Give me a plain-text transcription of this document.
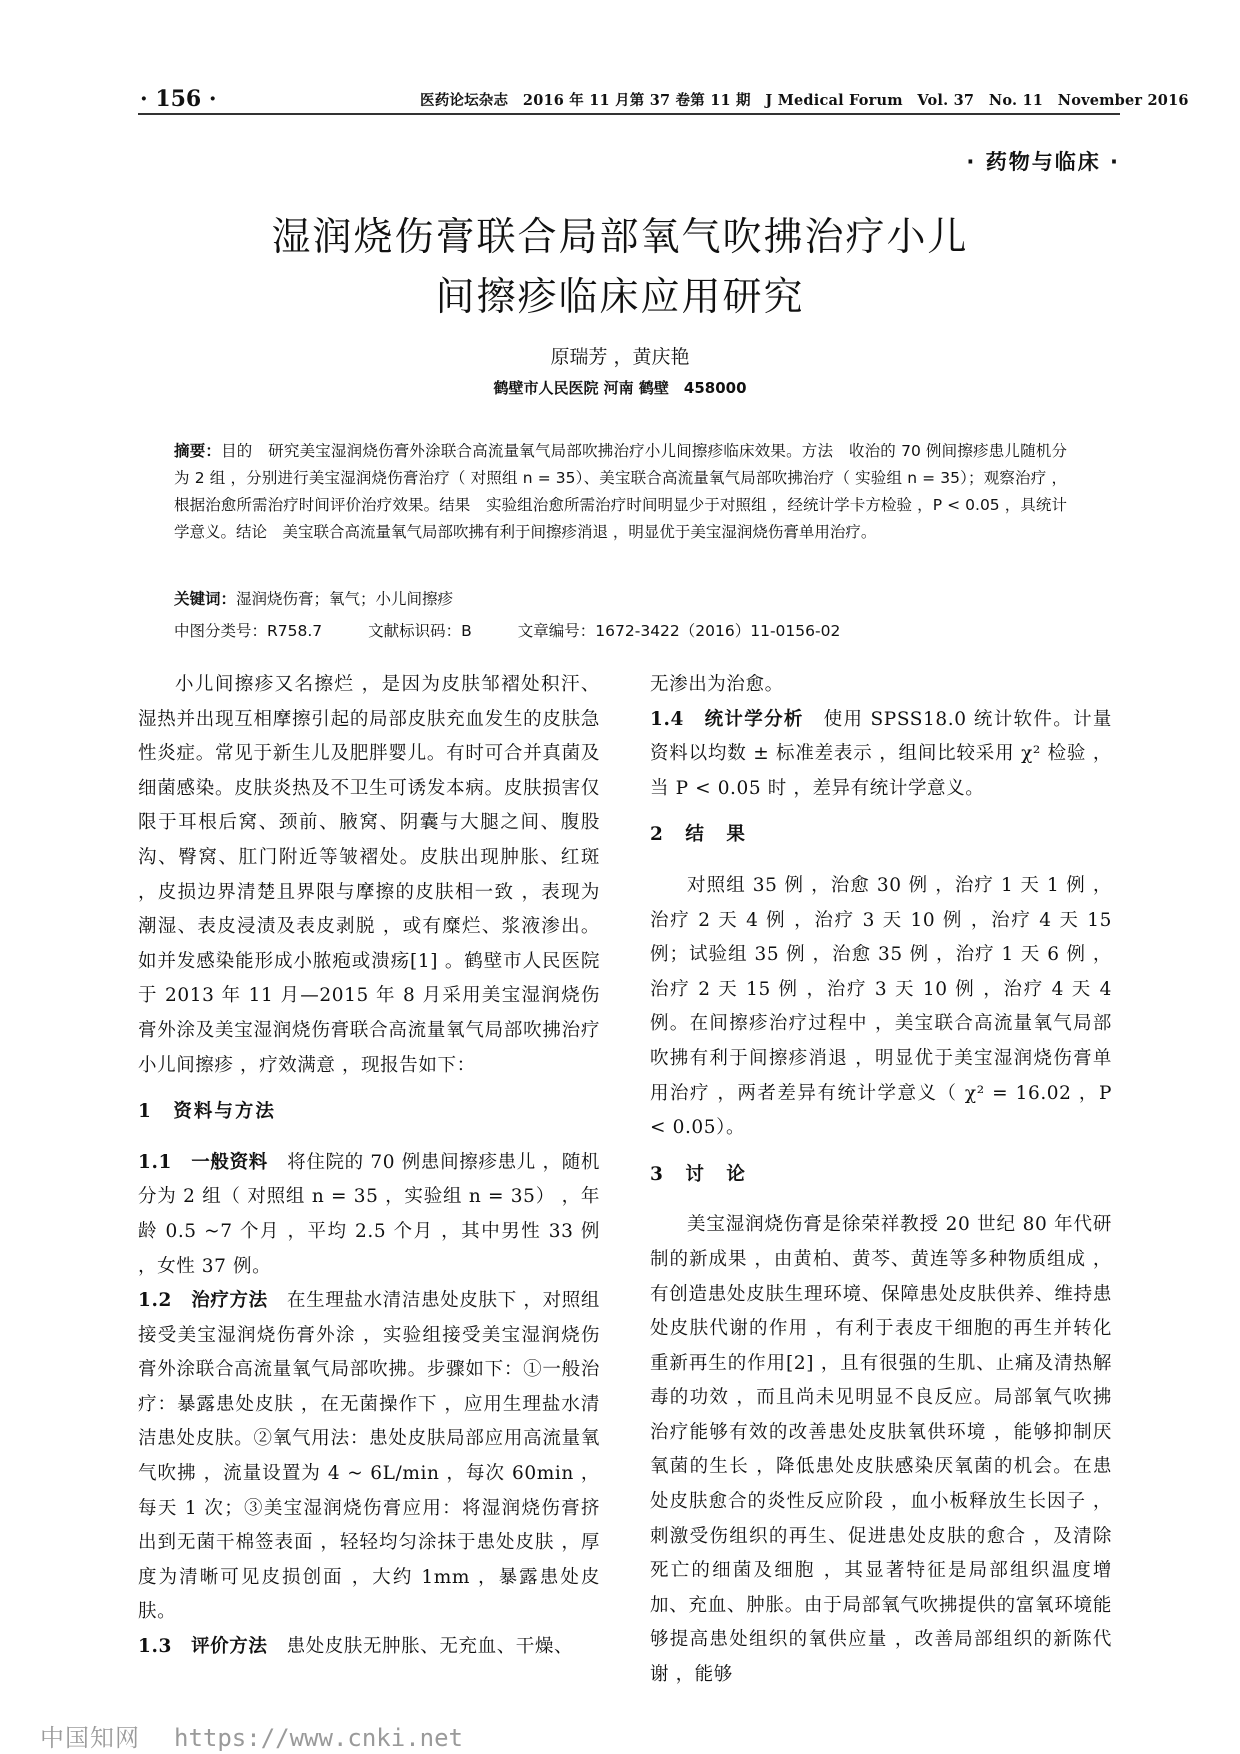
· 156 ·	医药论坛杂志　2016 年 11 月第 37 卷第 11 期　J Medical Forum　Vol. 37　No. 11　November 2016
· 药物与临床 ·
湿润烧伤膏联合局部氧气吹拂治疗小儿
间擦疹临床应用研究
原瑞芳 ，黄庆艳
鹤壁市人民医院 河南 鹤壁　458000
摘要：目的　研究美宝湿润烧伤膏外涂联合高流量氧气局部吹拂治疗小儿间擦疹临床效果。方法　收治的 70 例间擦疹患儿随机分为 2 组 ，分别进行美宝湿润烧伤膏治疗（ 对照组 n = 35）、美宝联合高流量氧气局部吹拂治疗（ 实验组 n = 35）；观察治疗 ，根据治愈所需治疗时间评价治疗效果。结果　实验组治愈所需治疗时间明显少于对照组 ，经统计学卡方检验 ，P < 0.05 ，具统计学意义。结论　美宝联合高流量氧气局部吹拂有利于间擦疹消退 ，明显优于美宝湿润烧伤膏单用治疗。
关键词：湿润烧伤膏；氧气；小儿间擦疹
中图分类号：R758.7	文献标识码：B	文章编号：1672-3422（2016）11-0156-02

小儿间擦疹又名擦烂 ，是因为皮肤邹褶处积汗、湿热并出现互相摩擦引起的局部皮肤充血发生的皮肤急性炎症。常见于新生儿及肥胖婴儿。有时可合并真菌及细菌感染。皮肤炎热及不卫生可诱发本病。皮肤损害仅限于耳根后窝、颈前、腋窝、阴囊与大腿之间、腹股沟、臀窝、肛门附近等皱褶处。皮肤出现肿胀、红斑 ，皮损边界清楚且界限与摩擦的皮肤相一致 ，表现为潮湿、表皮浸渍及表皮剥脱 ，或有糜烂、浆液渗出。如并发感染能形成小脓疱或溃疡[1] 。鹤壁市人民医院于 2013 年 11 月—2015 年 8 月采用美宝湿润烧伤膏外涂及美宝湿润烧伤膏联合高流量氧气局部吹拂治疗小儿间擦疹 ，疗效满意 ，现报告如下：

1　资料与方法

1.1　一般资料　将住院的 70 例患间擦疹患儿 ，随机分为 2 组（ 对照组 n = 35 ，实验组 n = 35） ，年龄 0.5 ~7 个月 ，平均 2.5 个月 ，其中男性 33 例 ，女性 37 例。

1.2　治疗方法　在生理盐水清洁患处皮肤下 ，对照组接受美宝湿润烧伤膏外涂 ，实验组接受美宝湿润烧伤膏外涂联合高流量氧气局部吹拂。步骤如下：①一般治疗：暴露患处皮肤 ，在无菌操作下 ，应用生理盐水清洁患处皮肤。②氧气用法：患处皮肤局部应用高流量氧气吹拂 ，流量设置为 4 ~ 6L/min ，每次 60min ，每天 1 次；③美宝湿润烧伤膏应用：将湿润烧伤膏挤出到无菌干棉签表面 ，轻轻均匀涂抹于患处皮肤 ，厚度为清晰可见皮损创面 ，大约 1mm ，暴露患处皮肤。

1.3　评价方法　患处皮肤无肿胀、无充血、干燥、

无渗出为治愈。

1.4　统计学分析　使用 SPSS18.0 统计软件。计量资料以均数 ± 标准差表示 ，组间比较采用 χ² 检验 ，当 P < 0.05 时 ，差异有统计学意义。

2　结　果

对照组 35 例 ，治愈 30 例 ，治疗 1 天 1 例 ，治疗 2 天 4 例 ，治疗 3 天 10 例 ，治疗 4 天 15 例；试验组 35 例 ，治愈 35 例 ，治疗 1 天 6 例 ，治疗 2 天 15 例 ，治疗 3 天 10 例 ，治疗 4 天 4 例。在间擦疹治疗过程中 ，美宝联合高流量氧气局部吹拂有利于间擦疹消退 ，明显优于美宝湿润烧伤膏单用治疗 ，两者差异有统计学意义（ χ² = 16.02 ，P < 0.05）。

3　讨　论

美宝湿润烧伤膏是徐荣祥教授 20 世纪 80 年代研制的新成果 ，由黄柏、黄芩、黄连等多种物质组成 ，有创造患处皮肤生理环境、保障患处皮肤供养、维持患处皮肤代谢的作用 ，有利于表皮干细胞的再生并转化重新再生的作用[2] ，且有很强的生肌、止痛及清热解毒的功效 ，而且尚未见明显不良反应。局部氧气吹拂治疗能够有效的改善患处皮肤氧供环境 ，能够抑制厌氧菌的生长 ，降低患处皮肤感染厌氧菌的机会。在患处皮肤愈合的炎性反应阶段 ，血小板释放生长因子 ，刺激受伤组织的再生、促进患处皮肤的愈合 ，及清除死亡的细菌及细胞 ，其显著特征是局部组织温度增加、充血、肿胀。由于局部氧气吹拂提供的富氧环境能够提高患处组织的氧供应量 ，改善局部组织的新陈代谢 ，能够

中国知网 https://www.cnki.net
